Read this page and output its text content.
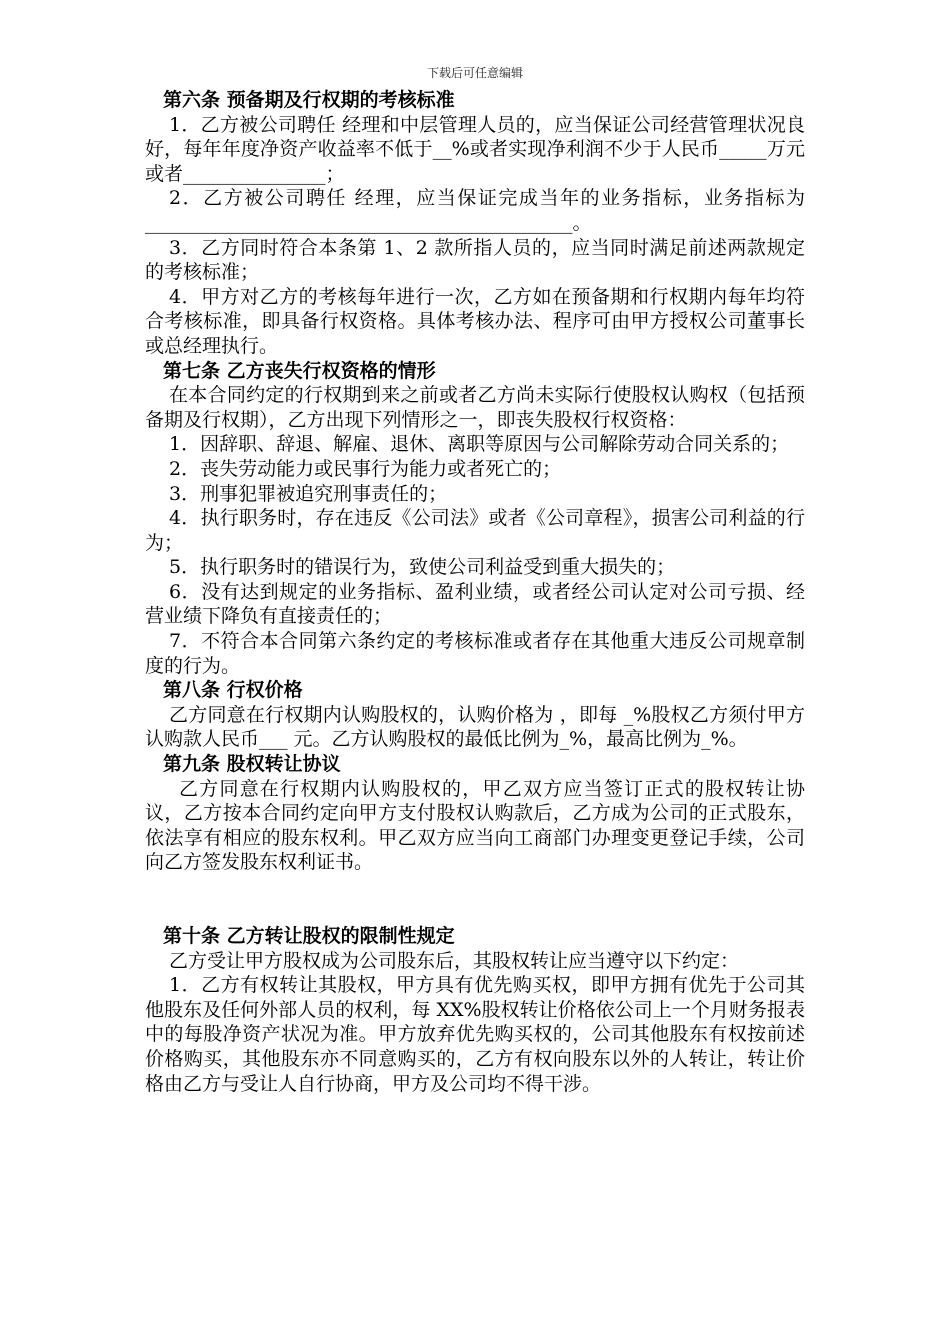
下载后可任意编辑

第六条 预备期及行权期的考核标准

1．乙方被公司聘任 经理和中层管理人员的，应当保证公司经营管理状况良好，每年年度净资产收益率不低于__%或者实现净利润不少于人民币_____万元或者_______________；

2．乙方被公司聘任 经理，应当保证完成当年的业务指标，业务指标为_____________________________________________。

3．乙方同时符合本条第 1、2 款所指人员的，应当同时满足前述两款规定的考核标准；

4．甲方对乙方的考核每年进行一次，乙方如在预备期和行权期内每年均符合考核标准，即具备行权资格。具体考核办法、程序可由甲方授权公司董事长或总经理执行。

第七条 乙方丧失行权资格的情形

在本合同约定的行权期到来之前或者乙方尚未实际行使股权认购权（包括预备期及行权期），乙方出现下列情形之一，即丧失股权行权资格：

1．因辞职、辞退、解雇、退休、离职等原因与公司解除劳动合同关系的；

2．丧失劳动能力或民事行为能力或者死亡的；

3．刑事犯罪被追究刑事责任的；

4．执行职务时，存在违反《公司法》或者《公司章程》，损害公司利益的行为；

5．执行职务时的错误行为，致使公司利益受到重大损失的；

6．没有达到规定的业务指标、盈利业绩，或者经公司认定对公司亏损、经营业绩下降负有直接责任的；

7．不符合本合同第六条约定的考核标准或者存在其他重大违反公司规章制度的行为。

第八条 行权价格

乙方同意在行权期内认购股权的，认购价格为 ，即每 _%股权乙方须付甲方认购款人民币___ 元。乙方认购股权的最低比例为_%，最高比例为_%。

第九条 股权转让协议

乙方同意在行权期内认购股权的，甲乙双方应当签订正式的股权转让协议，乙方按本合同约定向甲方支付股权认购款后，乙方成为公司的正式股东，依法享有相应的股东权利。甲乙双方应当向工商部门办理变更登记手续，公司向乙方签发股东权利证书。

第十条 乙方转让股权的限制性规定

乙方受让甲方股权成为公司股东后，其股权转让应当遵守以下约定：

1．乙方有权转让其股权，甲方具有优先购买权，即甲方拥有优先于公司其他股东及任何外部人员的权利，每 XX%股权转让价格依公司上一个月财务报表中的每股净资产状况为准。甲方放弃优先购买权的，公司其他股东有权按前述价格购买，其他股东亦不同意购买的，乙方有权向股东以外的人转让，转让价格由乙方与受让人自行协商，甲方及公司均不得干涉。
